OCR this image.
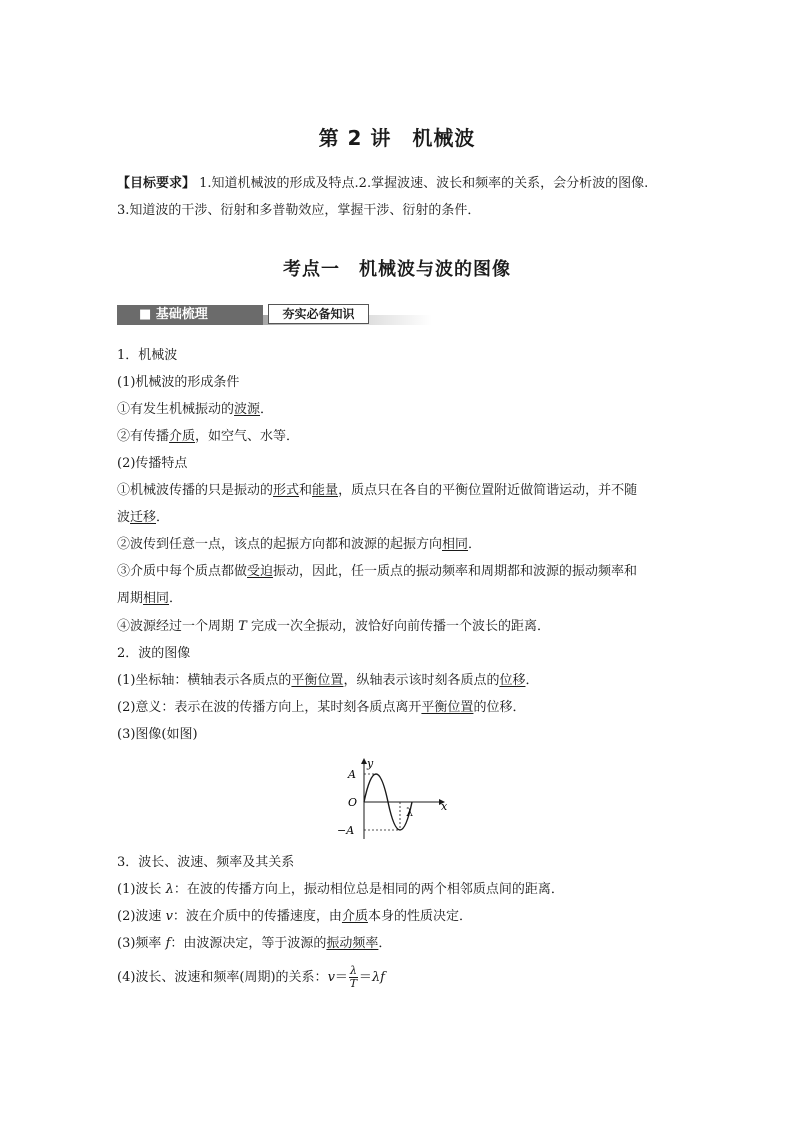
第 2 讲　机械波
【目标要求】 1.知道机械波的形成及特点.2.掌握波速、波长和频率的关系，会分析波的图像.
3.知道波的干涉、衍射和多普勒效应，掌握干涉、衍射的条件．
考点一　机械波与波的图像
■ 基础梳理	夯实必备知识
1．机械波
(1)机械波的形成条件
①有发生机械振动的波源．
②有传播介质，如空气、水等．
(2)传播特点
①机械波传播的只是振动的形式和能量，质点只在各自的平衡位置附近做简谐运动，并不随
波迁移．
②波传到任意一点，该点的起振方向都和波源的起振方向相同．
③介质中每个质点都做受迫振动，因此，任一质点的振动频率和周期都和波源的振动频率和
周期相同．
④波源经过一个周期 T 完成一次全振动，波恰好向前传播一个波长的距离．
2．波的图像
(1)坐标轴：横轴表示各质点的平衡位置，纵轴表示该时刻各质点的位移．
(2)意义：表示在波的传播方向上，某时刻各质点离开平衡位置的位移．
(3)图像(如图)
y
A
O
−A
x
λ
3．波长、波速、频率及其关系
(1)波长 λ：在波的传播方向上，振动相位总是相同的两个相邻质点间的距离．
(2)波速 v：波在介质中的传播速度，由介质本身的性质决定．
(3)频率 f：由波源决定，等于波源的振动频率．
(4)波长、波速和频率(周期)的关系：$v= \frac{\lambda}{T} =\lambda f$
